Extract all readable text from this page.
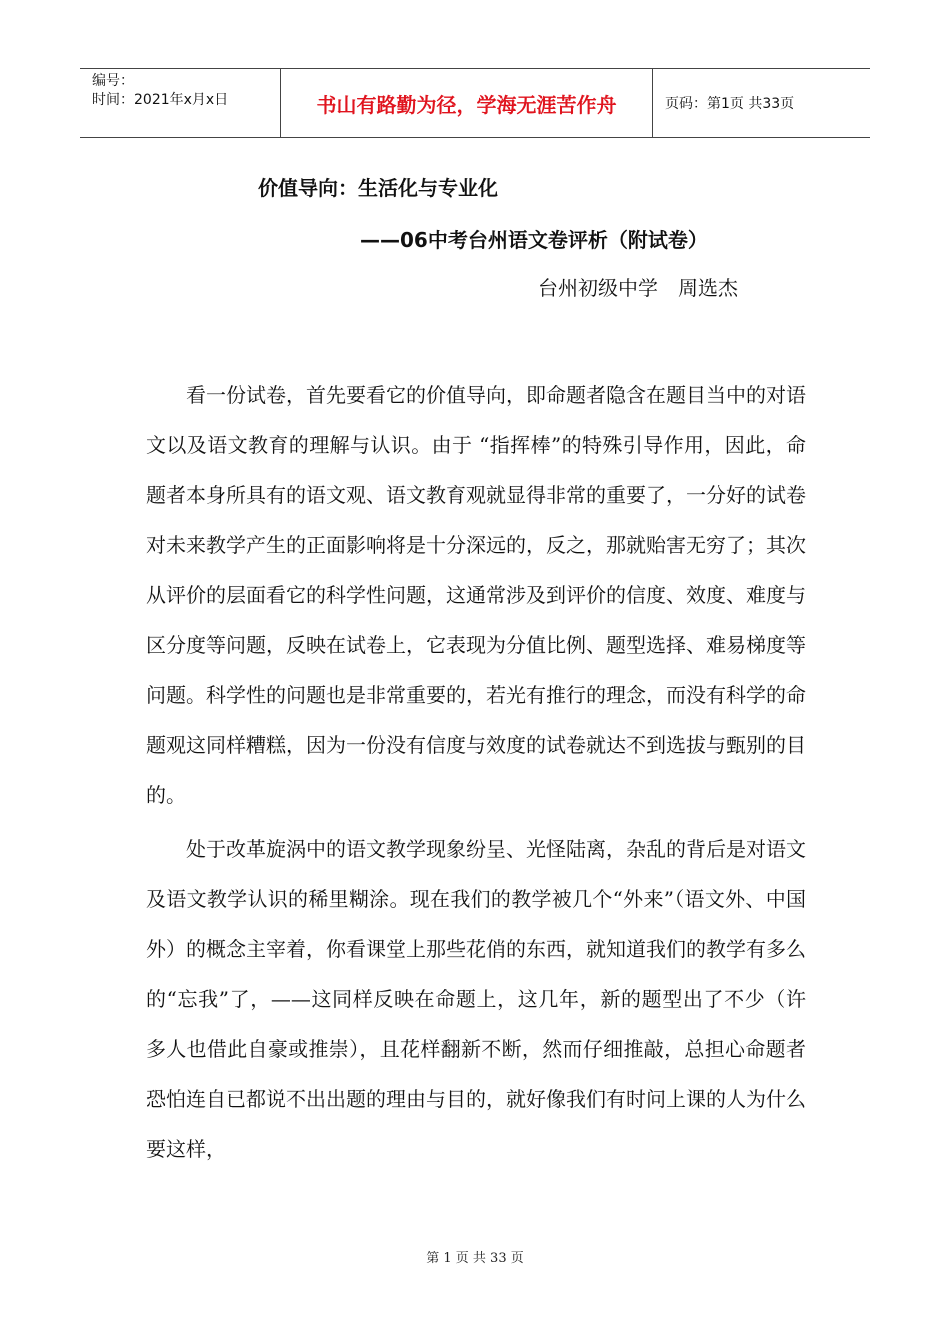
编号：
时间：2021年x月x日	书山有路勤为径，学海无涯苦作舟	页码：第1页 共33页
价值导向：生活化与专业化
——06中考台州语文卷评析（附试卷）
台州初级中学　周选杰

看一份试卷，首先要看它的价值导向，即命题者隐含在题目当中的对语文以及语文教育的理解与认识。由于 “指挥棒”的特殊引导作用，因此，命题者本身所具有的语文观、语文教育观就显得非常的重要了，一分好的试卷对未来教学产生的正面影响将是十分深远的，反之，那就贻害无穷了；其次从评价的层面看它的科学性问题，这通常涉及到评价的信度、效度、难度与区分度等问题，反映在试卷上，它表现为分值比例、题型选择、难易梯度等问题。科学性的问题也是非常重要的，若光有推行的理念，而没有科学的命题观这同样糟糕，因为一份没有信度与效度的试卷就达不到选拔与甄别的目的。

处于改革旋涡中的语文教学现象纷呈、光怪陆离，杂乱的背后是对语文及语文教学认识的稀里糊涂。现在我们的教学被几个“外来”（语文外、中国外）的概念主宰着，你看课堂上那些花俏的东西，就知道我们的教学有多么的“忘我”了，——这同样反映在命题上，这几年，新的题型出了不少（许多人也借此自豪或推崇），且花样翻新不断，然而仔细推敲，总担心命题者恐怕连自已都说不出出题的理由与目的，就好像我们有时问上课的人为什么要这样，

第 1 页 共 33 页
